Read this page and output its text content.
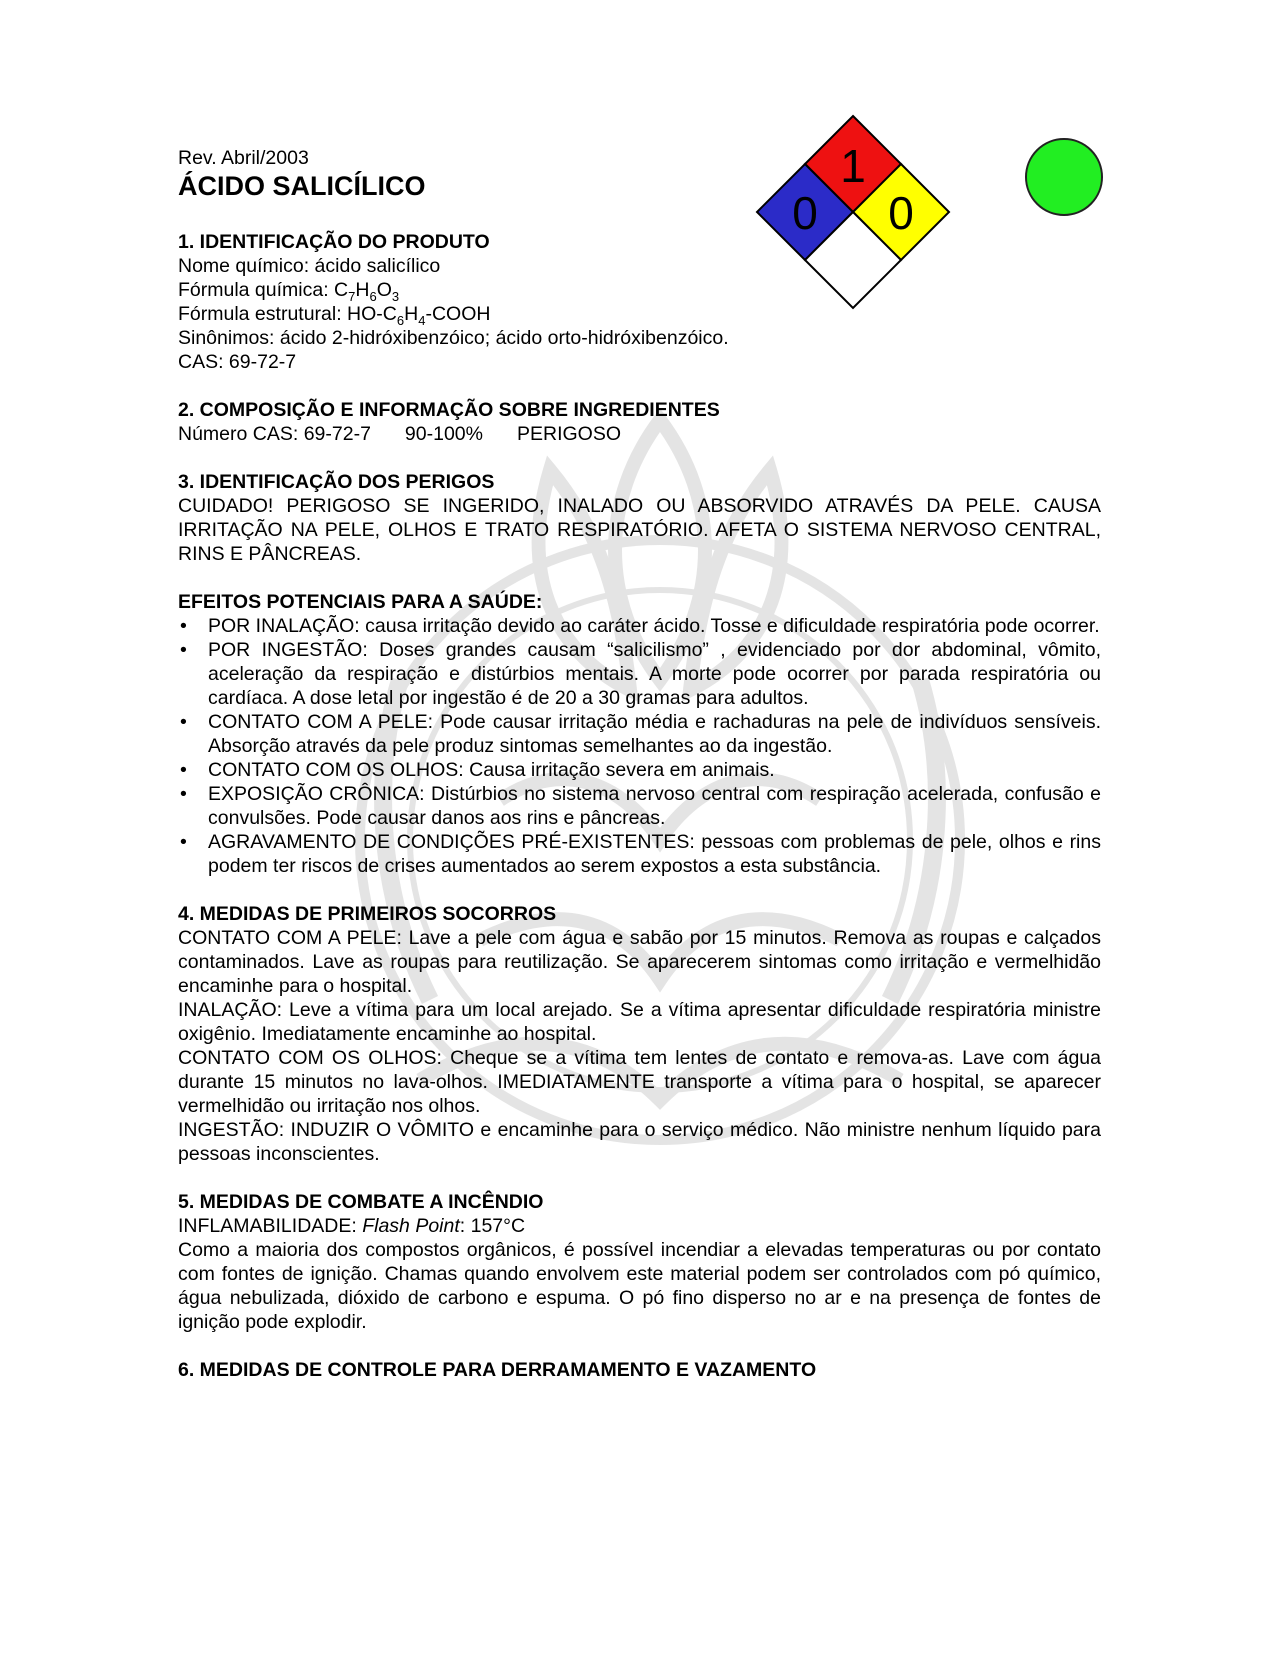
1
0 0

Rev. Abril/2003

ÁCIDO SALICÍLICO
1. IDENTIFICAÇÃO DO PRODUTO

Nome químico: ácido salicílico

Fórmula química: $C_7H_6O_3$

Fórmula estrutural: $HO-C_6H_4$-COOH

Sinônimos: ácido 2-hidróxibenzóico; ácido orto-hidróxibenzóico.

CAS: 69-72-7

2. COMPOSIÇÃO E INFORMAÇÃO SOBRE INGREDIENTES

Número CAS: 69-72-7 90-100% PERIGOSO

3. IDENTIFICAÇÃO DOS PERIGOS

CUIDADO! PERIGOSO SE INGERIDO, INALADO OU ABSORVIDO ATRAVÉS DA PELE. CAUSA IRRITAÇÃO NA PELE, OLHOS E TRATO RESPIRATÓRIO. AFETA O SISTEMA NERVOSO CENTRAL, RINS E PÂNCREAS.

EFEITOS POTENCIAIS PARA A SAÚDE:
• POR INALAÇÃO: causa irritação devido ao caráter ácido. Tosse e dificuldade respiratória pode ocorrer.
• POR INGESTÃO: Doses grandes causam “salicilismo” , evidenciado por dor abdominal, vômito, aceleração da respiração e distúrbios mentais. A morte pode ocorrer por parada respiratória ou cardíaca. A dose letal por ingestão é de 20 a 30 gramas para adultos.
• CONTATO COM A PELE: Pode causar irritação média e rachaduras na pele de indivíduos sensíveis. Absorção através da pele produz sintomas semelhantes ao da ingestão.
• CONTATO COM OS OLHOS: Causa irritação severa em animais.
• EXPOSIÇÃO CRÔNICA: Distúrbios no sistema nervoso central com respiração acelerada, confusão e convulsões. Pode causar danos aos rins e pâncreas.
• AGRAVAMENTO DE CONDIÇÕES PRÉ-EXISTENTES: pessoas com problemas de pele, olhos e rins podem ter riscos de crises aumentados ao serem expostos a esta substância.
4. MEDIDAS DE PRIMEIROS SOCORROS

CONTATO COM A PELE: Lave a pele com água e sabão por 15 minutos. Remova as roupas e calçados contaminados. Lave as roupas para reutilização. Se aparecerem sintomas como irritação e vermelhidão encaminhe para o hospital.

INALAÇÃO: Leve a vítima para um local arejado. Se a vítima apresentar dificuldade respiratória ministre oxigênio. Imediatamente encaminhe ao hospital.

CONTATO COM OS OLHOS: Cheque se a vítima tem lentes de contato e remova-as. Lave com água durante 15 minutos no lava-olhos. IMEDIATAMENTE transporte a vítima para o hospital, se aparecer vermelhidão ou irritação nos olhos.

INGESTÃO: INDUZIR O VÔMITO e encaminhe para o serviço médico. Não ministre nenhum líquido para pessoas inconscientes.

5. MEDIDAS DE COMBATE A INCÊNDIO

INFLAMABILIDADE: Flash Point: 157°C

Como a maioria dos compostos orgânicos, é possível incendiar a elevadas temperaturas ou por contato com fontes de ignição. Chamas quando envolvem este material podem ser controlados com pó químico, água nebulizada, dióxido de carbono e espuma. O pó fino disperso no ar e na presença de fontes de ignição pode explodir.

6. MEDIDAS DE CONTROLE PARA DERRAMAMENTO E VAZAMENTO
